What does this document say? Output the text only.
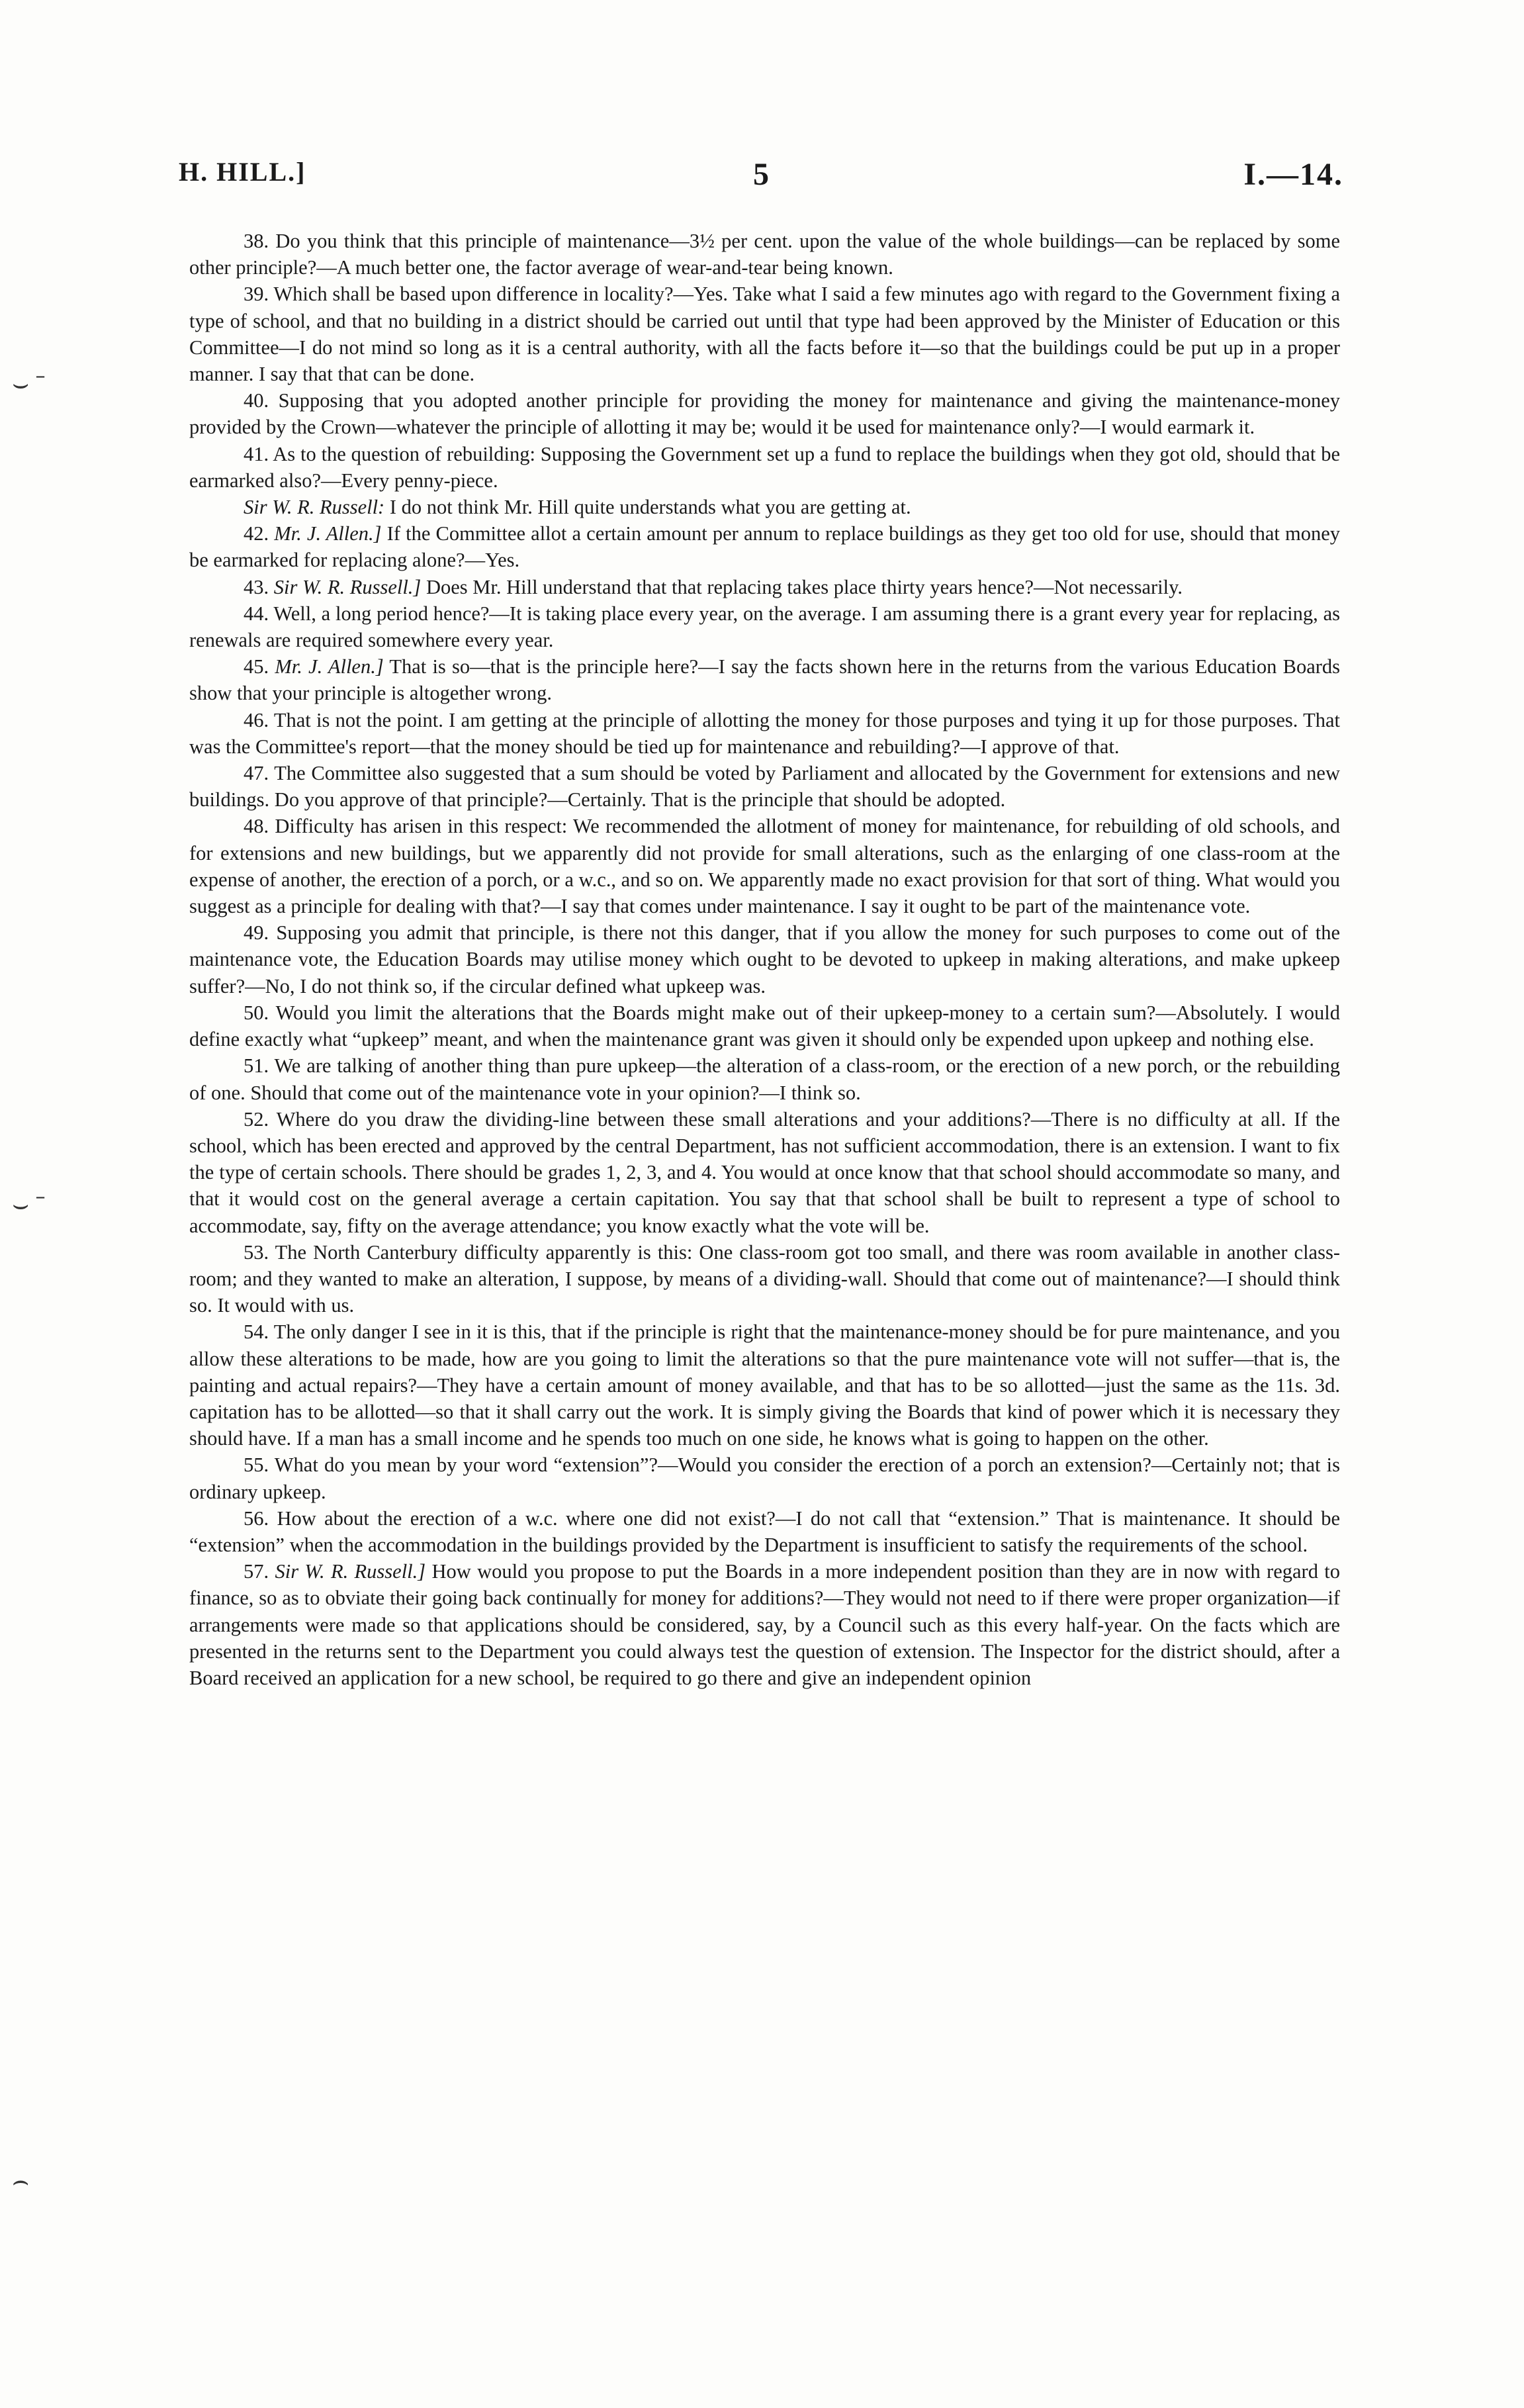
H. HILL.]	5	I.—14.
⌣ ˉ
⌣ ˉ
⌢

38. Do you think that this principle of maintenance—3½ per cent. upon the value of the whole buildings—can be replaced by some other principle?—A much better one, the factor average of wear-and-tear being known.

39. Which shall be based upon difference in locality?—Yes. Take what I said a few minutes ago with regard to the Government fixing a type of school, and that no building in a district should be carried out until that type had been approved by the Minister of Education or this Committee—I do not mind so long as it is a central authority, with all the facts before it—so that the buildings could be put up in a proper manner. I say that that can be done.

40. Supposing that you adopted another principle for providing the money for maintenance and giving the maintenance-money provided by the Crown—whatever the principle of allotting it may be; would it be used for maintenance only?—I would earmark it.

41. As to the question of rebuilding: Supposing the Government set up a fund to replace the buildings when they got old, should that be earmarked also?—Every penny-piece.

Sir W. R. Russell: I do not think Mr. Hill quite understands what you are getting at.

42. Mr. J. Allen.] If the Committee allot a certain amount per annum to replace buildings as they get too old for use, should that money be earmarked for replacing alone?—Yes.

43. Sir W. R. Russell.] Does Mr. Hill understand that that replacing takes place thirty years hence?—Not necessarily.

44. Well, a long period hence?—It is taking place every year, on the average. I am assuming there is a grant every year for replacing, as renewals are required somewhere every year.

45. Mr. J. Allen.] That is so—that is the principle here?—I say the facts shown here in the returns from the various Education Boards show that your principle is altogether wrong.

46. That is not the point. I am getting at the principle of allotting the money for those purposes and tying it up for those purposes. That was the Committee's report—that the money should be tied up for maintenance and rebuilding?—I approve of that.

47. The Committee also suggested that a sum should be voted by Parliament and allocated by the Government for extensions and new buildings. Do you approve of that principle?—Certainly. That is the principle that should be adopted.

48. Difficulty has arisen in this respect: We recommended the allotment of money for maintenance, for rebuilding of old schools, and for extensions and new buildings, but we apparently did not provide for small alterations, such as the enlarging of one class-room at the expense of another, the erection of a porch, or a w.c., and so on. We apparently made no exact provision for that sort of thing. What would you suggest as a principle for dealing with that?—I say that comes under maintenance. I say it ought to be part of the maintenance vote.

49. Supposing you admit that principle, is there not this danger, that if you allow the money for such purposes to come out of the maintenance vote, the Education Boards may utilise money which ought to be devoted to upkeep in making alterations, and make upkeep suffer?—No, I do not think so, if the circular defined what upkeep was.

50. Would you limit the alterations that the Boards might make out of their upkeep-money to a certain sum?—Absolutely. I would define exactly what “upkeep” meant, and when the maintenance grant was given it should only be expended upon upkeep and nothing else.

51. We are talking of another thing than pure upkeep—the alteration of a class-room, or the erection of a new porch, or the rebuilding of one. Should that come out of the maintenance vote in your opinion?—I think so.

52. Where do you draw the dividing-line between these small alterations and your additions?—There is no difficulty at all. If the school, which has been erected and approved by the central Department, has not sufficient accommodation, there is an extension. I want to fix the type of certain schools. There should be grades 1, 2, 3, and 4. You would at once know that that school should accommodate so many, and that it would cost on the general average a certain capitation. You say that that school shall be built to represent a type of school to accommodate, say, fifty on the average attendance; you know exactly what the vote will be.

53. The North Canterbury difficulty apparently is this: One class-room got too small, and there was room available in another class-room; and they wanted to make an alteration, I suppose, by means of a dividing-wall. Should that come out of maintenance?—I should think so. It would with us.

54. The only danger I see in it is this, that if the principle is right that the maintenance-money should be for pure maintenance, and you allow these alterations to be made, how are you going to limit the alterations so that the pure maintenance vote will not suffer—that is, the painting and actual repairs?—They have a certain amount of money available, and that has to be so allotted—just the same as the 11s. 3d. capitation has to be allotted—so that it shall carry out the work. It is simply giving the Boards that kind of power which it is necessary they should have. If a man has a small income and he spends too much on one side, he knows what is going to happen on the other.

55. What do you mean by your word “extension”?—Would you consider the erection of a porch an extension?—Certainly not; that is ordinary upkeep.

56. How about the erection of a w.c. where one did not exist?—I do not call that “extension.” That is maintenance. It should be “extension” when the accommodation in the buildings provided by the Department is insufficient to satisfy the requirements of the school.

57. Sir W. R. Russell.] How would you propose to put the Boards in a more independent position than they are in now with regard to finance, so as to obviate their going back continually for money for additions?—They would not need to if there were proper organization—if arrangements were made so that applications should be considered, say, by a Council such as this every half-year. On the facts which are presented in the returns sent to the Department you could always test the question of extension. The Inspector for the district should, after a Board received an application for a new school, be required to go there and give an independent opinion
